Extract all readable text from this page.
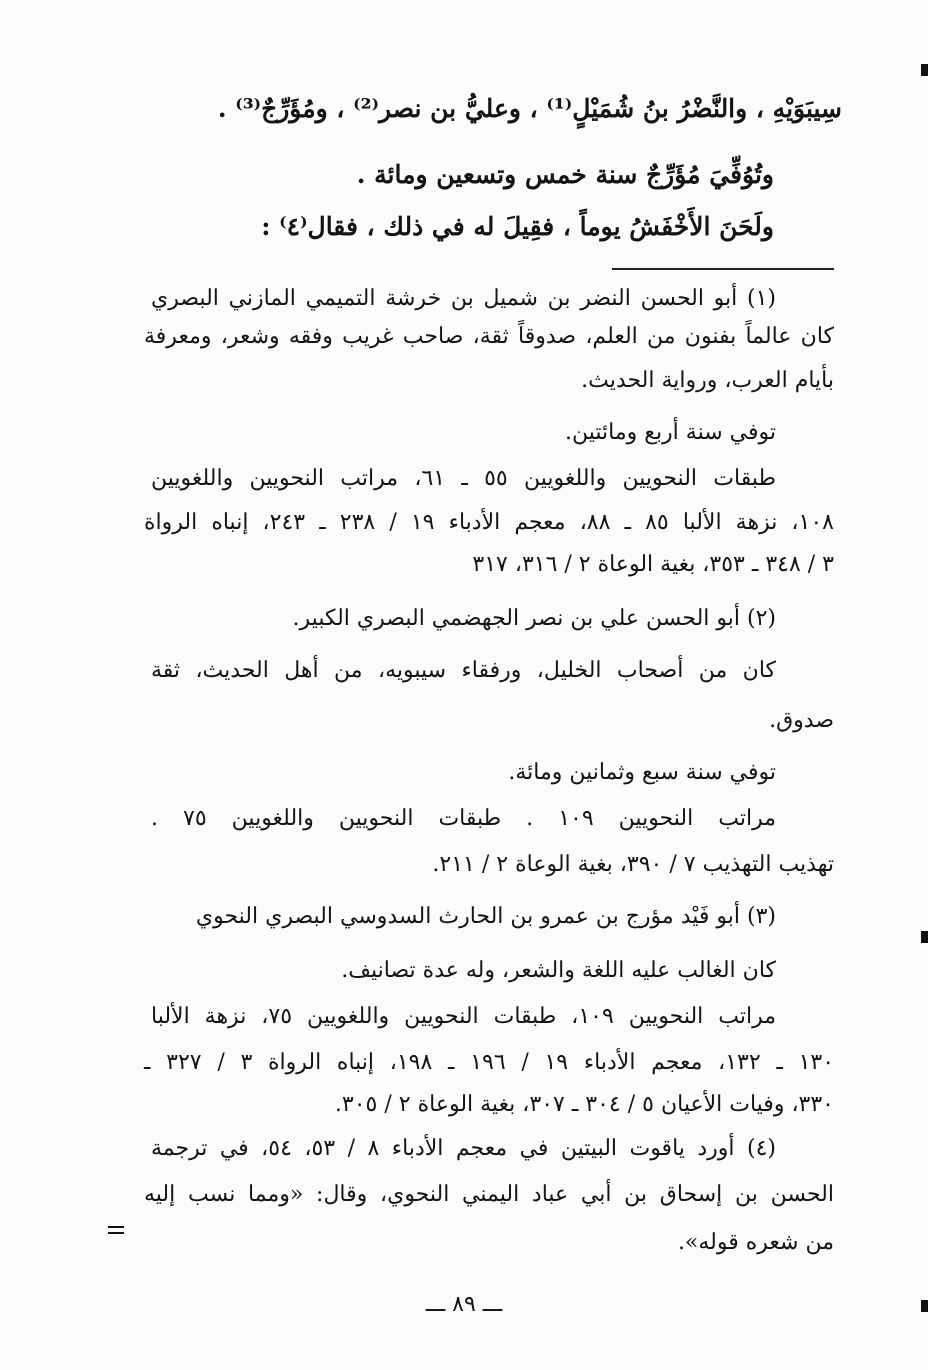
سِيبَوَيْهِ ، والنَّضْرُ بنُ شُمَيْلٍ⁽¹⁾ ، وعليُّ بن نصر⁽²⁾ ، ومُؤَرِّجٌ⁽³⁾ .
وتُوُفِّيَ مُؤَرِّجٌ سنة خمس وتسعين ومائة .
ولَحَنَ الأَخْفَشُ يوماً ، فقِيلَ له في ذلك ، فقال⁽٤⁾ :
(١) أبو الحسن النضر بن شميل بن خرشة التميمي المازني البصري
كان عالماً بفنون من العلم، صدوقاً ثقة، صاحب غريب وفقه وشعر، ومعرفة
بأيام العرب، ورواية الحديث.
توفي سنة أربع ومائتين.
طبقات النحويين واللغويين ٥٥ ـ ٦١، مراتب النحويين واللغويين
١٠٨، نزهة الألبا ٨٥ ـ ٨٨، معجم الأدباء ١٩ / ٢٣٨ ـ ٢٤٣، إنباه الرواة
٣ / ٣٤٨ ـ ٣٥٣، بغية الوعاة ٢ / ٣١٦، ٣١٧
(٢) أبو الحسن علي بن نصر الجهضمي البصري الكبير.
كان من أصحاب الخليل، ورفقاء سيبويه، من أهل الحديث، ثقة
صدوق.
توفي سنة سبع وثمانين ومائة.
مراتب النحويين ١٠٩ . طبقات النحويين واللغويين ٧٥ .
تهذيب التهذيب ٧ / ٣٩٠، بغية الوعاة ٢ / ٢١١.
(٣) أبو فَيْد مؤرج بن عمرو بن الحارث السدوسي البصري النحوي
كان الغالب عليه اللغة والشعر، وله عدة تصانيف.
مراتب النحويين ١٠٩، طبقات النحويين واللغويين ٧٥، نزهة الألبا
١٣٠ ـ ١٣٢، معجم الأدباء ١٩ / ١٩٦ ـ ١٩٨، إنباه الرواة ٣ / ٣٢٧ ـ
٣٣٠، وفيات الأعيان ٥ / ٣٠٤ ـ ٣٠٧، بغية الوعاة ٢ / ٣٠٥.
(٤) أورد ياقوت البيتين في معجم الأدباء ٨ / ٥٣، ٥٤، في ترجمة
الحسن بن إسحاق بن أبي عباد اليمني النحوي، وقال: «ومما نسب إليه
من شعره قوله».
ـــ ٨٩ ـــ
